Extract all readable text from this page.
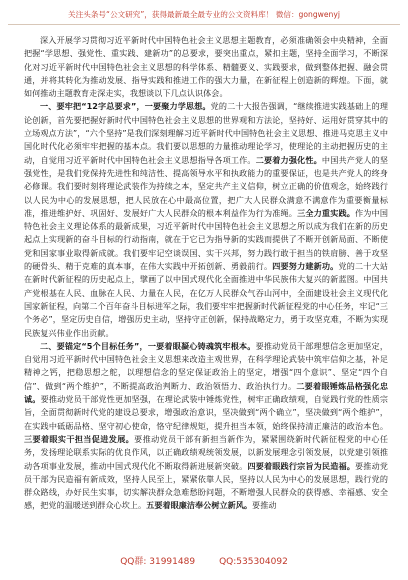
关注头条号“公文研究”，获得最新最全最专业的公文资料库！ 微信：gongwenyj

深入开展学习贯彻习近平新时代中国特色社会主义思想主题教育，必须准确领会中央精神，全面把握“学思想、强党性、重实践、建新功”的总要求，要突出重点，紧扣主题，坚持全面学习，不断深化对习近平新时代中国特色社会主义思想的科学体系、精髓要义、实践要求，做到整体把握、融会贯通，并将其转化为推动发展、指导实践和推进工作的强大力量，在新征程上创造新的辉煌。下面，就如何推动主题教育走深走实，我想谈以下几点认识体会。

一、要牢把“12字总要求”，一要聚力学思想。党的二十大报告强调，“继续推进实践基础上的理论创新，首先要把握好新时代中国特色社会主义思想的世界观和方法论，坚持好、运用好贯穿其中的立场观点方法”，“六个坚持”是我们深刻理解习近平新时代中国特色社会主义思想、推进马克思主义中国化时代化必须牢牢把握的基本点。我们要以思想的力量推动理论学习，使理论的主动把握历史的主动，自觉用习近平新时代中国特色社会主义思想指导各项工作。二要着力强化性。中国共产党人的坚强党性，是我们党保持先进性和纯洁性、提高领导水平和执政能力的重要保证，也是共产党人的终身必修课。我们要时刻将理论武装作为持续之本，坚定共产主义信仰，树立正确的价值观念，始终践行以人民为中心的发展思想，把人民放在心中最高位置，把广大人民群众满意不满意作为重要衡量标准，推进维护好、巩固好、发展好广大人民群众的根本利益作为行为准绳。三全力重实践。作为中国特色社会主义理论体系的最新成果，习近平新时代中国特色社会主义思想之所以成为我们在新的历史起点上实现新的奋斗目标的行动指南，就在于它已为指导新的实践而提供了不断开创新局面、不断使党和国家事业取得新成就。我们要牢记空谈误国、实干兴邦，努力践行敢于担当的铁肩膀、善于攻坚的硬骨头、精于克难的真本事，在伟大实践中开拓创新、勇毅前行。四要努力建新功。党的二十大站在新时代新征程的历史起点上，擘画了以中国式现代化全面推进中华民族伟大复兴的新蓝图。中国共产党根基在人民、血脉在人民、力量在人民，在亿万人民群众气吞山河中，全面建设社会主义现代化国家新征程，向第二个百年奋斗目标进军之际，我们要牢牢把握新时代新征程党的中心任务，牢记“三个务必”，坚定历史自信，增强历史主动，坚持守正创新，保持战略定力，勇于攻坚克难，不断为实现民族复兴伟业作出贡献。

二、要锚定“5个目标任务”，一要着眼凝心铸魂筑牢根本。要推动党员干部理想信念更加坚定，自觉用习近平新时代中国特色社会主义思想来改造主观世界，在科学理论武装中筑牢信仰之基，补足精神之钙，把稳思想之舵，以理想信念的坚定保证政治上的坚定，增强“四个意识”、坚定“四个自信”、做到“两个维护”，不断提高政治判断力、政治领悟力、政治执行力。二要着眼锤炼品格强化忠诚。要推动党员干部党性更加坚强，在理论武装中锤炼党性，树牢正确政绩观，自觉践行党的性质宗旨，全面贯彻新时代党的建设总要求，增强政治意识，坚决做到“两个确立”，坚决做到“两个维护”，在实践中砥砺品格、坚守初心使命，恪守纪律规矩，提升担当本领，始终保持清正廉洁的政治本色。三要着眼实干担当促进发展。要推动党员干部有新担当新作为，紧紧围绕新时代新征程党的中心任务，发扬理论联系实际的优良作风，以正确政绩观统领发展，以新发展理念引领发展，以党建引领推动各项事业发展，推动中国式现代化不断取得新进展新突破。四要着眼践行宗旨为民造福。要推动党员干部为民造福有新成效，坚持人民至上，紧紧依靠人民，坚持以人民为中心的发展思想，践行党的群众路线，办好民生实事，切实解决群众急难愁盼问题，不断增强人民群众的获得感、幸福感、安全感，把党的温暖送到群众心坎上。五要着眼廉洁奉公树立新风。要推动

QQ群: 31991489	QQ:535304092
